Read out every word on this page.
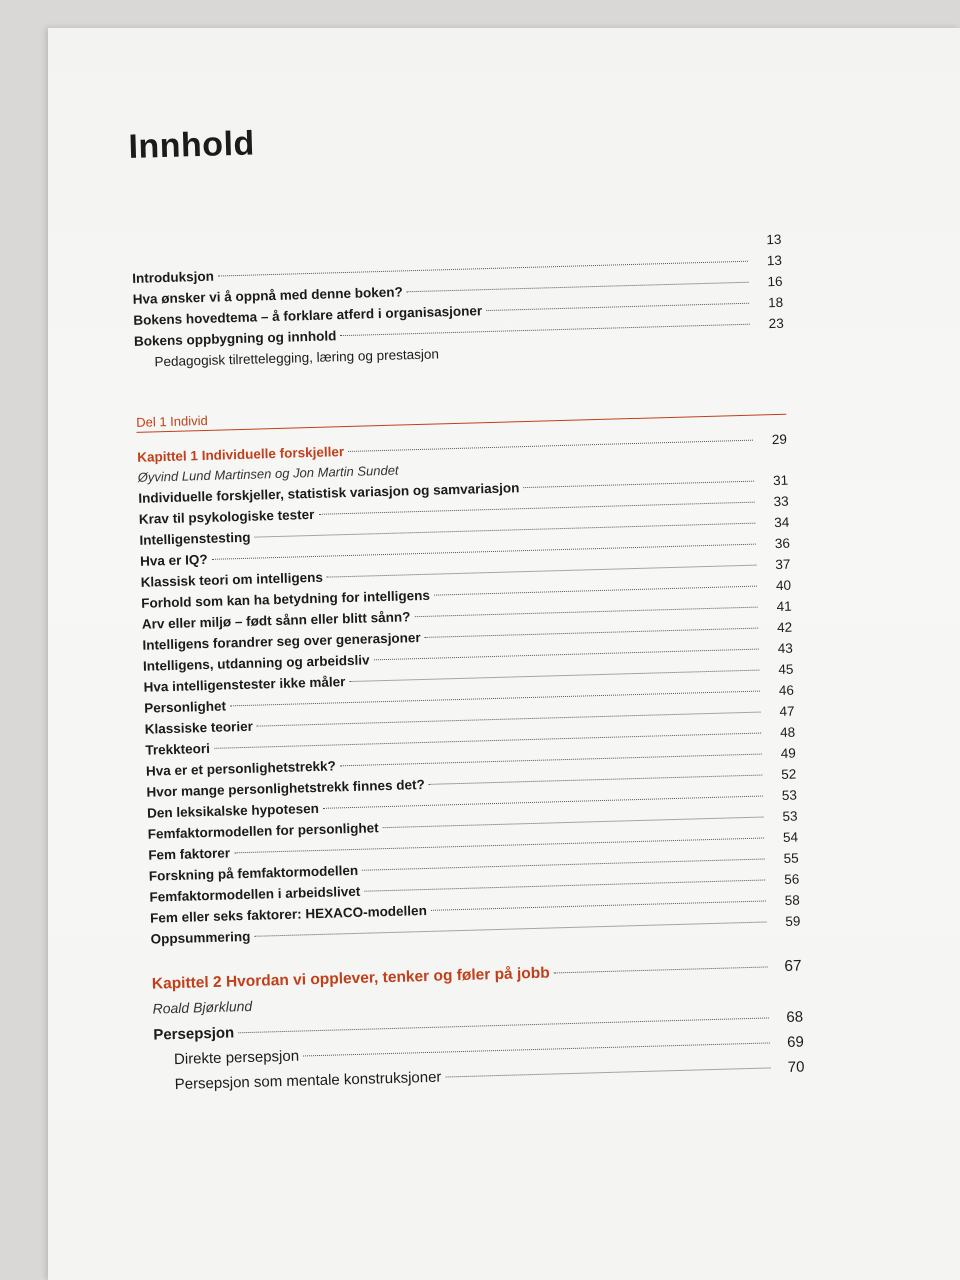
Innhold
13
Introduksjon
13
Hva ønsker vi å oppnå med denne boken?
16
Bokens hovedtema – å forklare atferd i organisasjoner
18
Bokens oppbygning og innhold
23
Pedagogisk tilrettelegging, læring og prestasjon
Del 1 Individ
Kapittel 1 Individuelle forskjeller
29
Øyvind Lund Martinsen og Jon Martin Sundet
Individuelle forskjeller, statistisk variasjon og samvariasjon	31
Krav til psykologiske tester
33
Intelligenstesting
34
Hva er IQ?
36
Klassisk teori om intelligens
37
Forhold som kan ha betydning for intelligens
40
Arv eller miljø – født sånn eller blitt sånn?
41
Intelligens forandrer seg over generasjoner
42
Intelligens, utdanning og arbeidsliv
43
Hva intelligenstester ikke måler
45
Personlighet
46
Klassiske teorier
47
Trekkteori
48
Hva er et personlighetstrekk?
49
Hvor mange personlighetstrekk finnes det?
52
Den leksikalske hypotesen
53
Femfaktormodellen for personlighet
53
Fem faktorer
54
Forskning på femfaktormodellen
55
Femfaktormodellen i arbeidslivet
56
Fem eller seks faktorer: HEXACO-modellen
58
Oppsummering
59
Kapittel 2 Hvordan vi opplever, tenker og føler på jobb	67
Roald Bjørklund
Persepsjon
68
Direkte persepsjon
69
Persepsjon som mentale konstruksjoner
70
